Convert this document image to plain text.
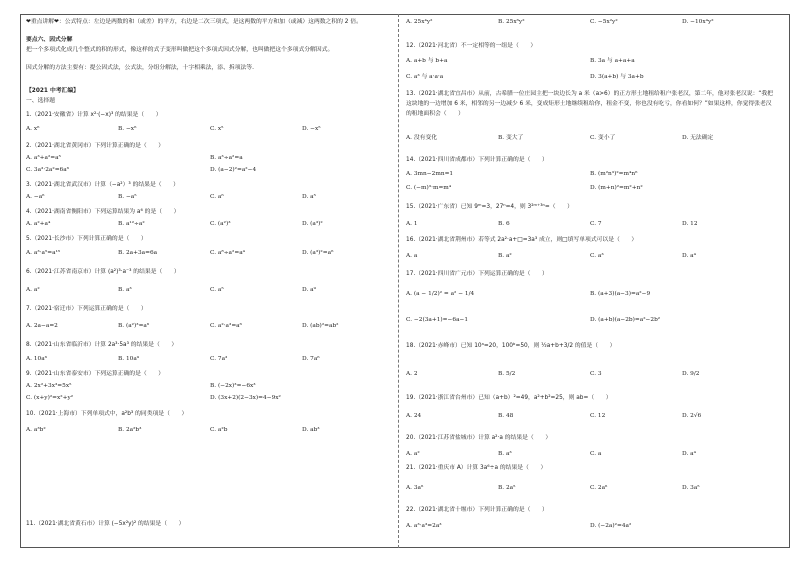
❤重点讲解❤：公式特点：左边是两数的和（或差）的平方，右边是二次三项式，是这两数的平方和加（或减）这两数之积的 2 倍。
要点六、因式分解
把一个多项式化成几个整式的积的形式，像这样的式子变形叫做把这个多项式因式分解，也叫做把这个多项式分解因式。
因式分解的方法主要有：提公因式法，公式法，分组分解法，十字相乘法，添、拆项法等.
【2021 中考汇编】
一、选择题
1.（2021·安徽省）计算 x²·(−x)³ 的结果是（　　）
A. x⁶	B. −x⁶	C. x⁵	D. −x⁵
2.（2021·湖北省黄冈市）下列计算正确的是（　　）
A. a³+a²=a⁵	B. a³÷a²=a
C. 3a³·2a²=6a⁶	D. (a−2)²=a²−4
3.（2021·湖北省武汉市）计算（−a²）³ 的结果是（　　）
A. −a⁶	B. −a⁵	C. a⁶	D. a⁵
4.（2021·湖南省衡阳市）下列运算结果为 a⁶ 的是（　　）
A. a²+a⁴	B. a¹²÷a²	C. (a²)³	D. (a³)²
5.（2021·长沙市）下列计算正确的是（　　）
A. a³·a⁵=a¹⁵	B. 2a+3a=6a	C. a⁸÷a²=a⁴	D. (a³)²=a⁶
6.（2021·江苏省南京市）计算 (a²)³·a⁻³ 的结果是（　　）
A. a²	B. a³	C. a⁵	D. a⁹
7.（2021·宿迁市）下列运算正确的是（　　）
A. 2a−a=2	B. (a²)³=a⁶	C. a²·a³=a⁶	D. (ab)²=ab²
8.（2021·山东省临沂市）计算 2a³·5a³ 的结果是（　　）
A. 10a⁶	B. 10a⁹	C. 7a³	D. 7a⁶
9.（2021·山东省泰安市）下列运算正确的是（　　）
A. 2x²+3x³=5x⁵	B. (−2x)³=−6x³
C. (x+y)²=x²+y²	D. (3x+2)(2−3x)=4−9x²
10.（2021·上海市）下列单项式中，a²b³ 的同类项是（　　）
A. a³b²	B. 2a²b³	C. a²b	D. ab³
11.（2021·湖北省黄石市）计算 (−5x²y)² 的结果是（　　）
A. 25x⁴y²	B. 25x⁶y²	C. −5x²y²	D. −10x⁴y²
12.（2021·河北省）不一定相等的一组是（　　）
A. a+b 与 b+a	B. 3a 与 a+a+a
C. a³ 与 a·a·a	D. 3(a+b) 与 3a+b
13.（2021·湖北省宜昌市）从前，古希腊一位庄园主把一块边长为 a 米（a>6）的正方形土地租给租户张老汉，第二年，他对张老汉说：“我把这块地的一边增加 6 米，相邻的另一边减少 6 米，变成矩形土地继续租给你，租金不变，你也没有吃亏，你看如何？”如果这样，你觉得张老汉的租地面积会（　　）
A. 没有变化	B. 变大了	C. 变小了	D. 无法确定
14.（2021·四川省成都市）下列计算正确的是（　　）
A. 3mn−2mn=1	B. (m²n³)²=m⁴n⁶
C. (−m)³·m=m⁴	D. (m+n)²=m²+n²
15.（2021·广东省）已知 9ᵐ=3，27ⁿ=4，则 3²ᵐ⁺³ⁿ=（　　）
A. 1	B. 6	C. 7	D. 12
16.（2021·湖北省荆州市）若等式 2a²·a+□=3a³ 成立，则□填写单项式可以是（　　）
A. a	B. a²	C. a³	D. a⁴
17.（2021·四川省广元市）下列运算正确的是（　　）
A. (a − 1/2)² = a² − 1/4	B. (a+3)(a−3)=a²−9
C. −2(3a+1)=−6a−1	D. (a+b)(a−2b)=a²−2b²
18.（2021·赤峰市）已知 10ᵃ=20，100ᵇ=50，则 ½a+b+3/2 的值是（　　）
A. 2	B. 5/2	C. 3	D. 9/2
19.（2021·浙江省台州市）已知（a+b）²=49，a²+b²=25，则 ab=（　　）
A. 24	B. 48	C. 12	D. 2√6
20.（2021·江苏省盐城市）计算 a²·a 的结果是（　　）
A. a²	B. a³	C. a	D. a⁴
21.（2021·重庆市 A）计算 3a⁶÷a 的结果是（　　）
A. 3a⁶	B. 2a⁵	C. 2a⁶	D. 3a⁵
22.（2021·湖北省十堰市）下列计算正确的是（　　）
A. a³·a³=2a³	D. (−2a)²=4a²
